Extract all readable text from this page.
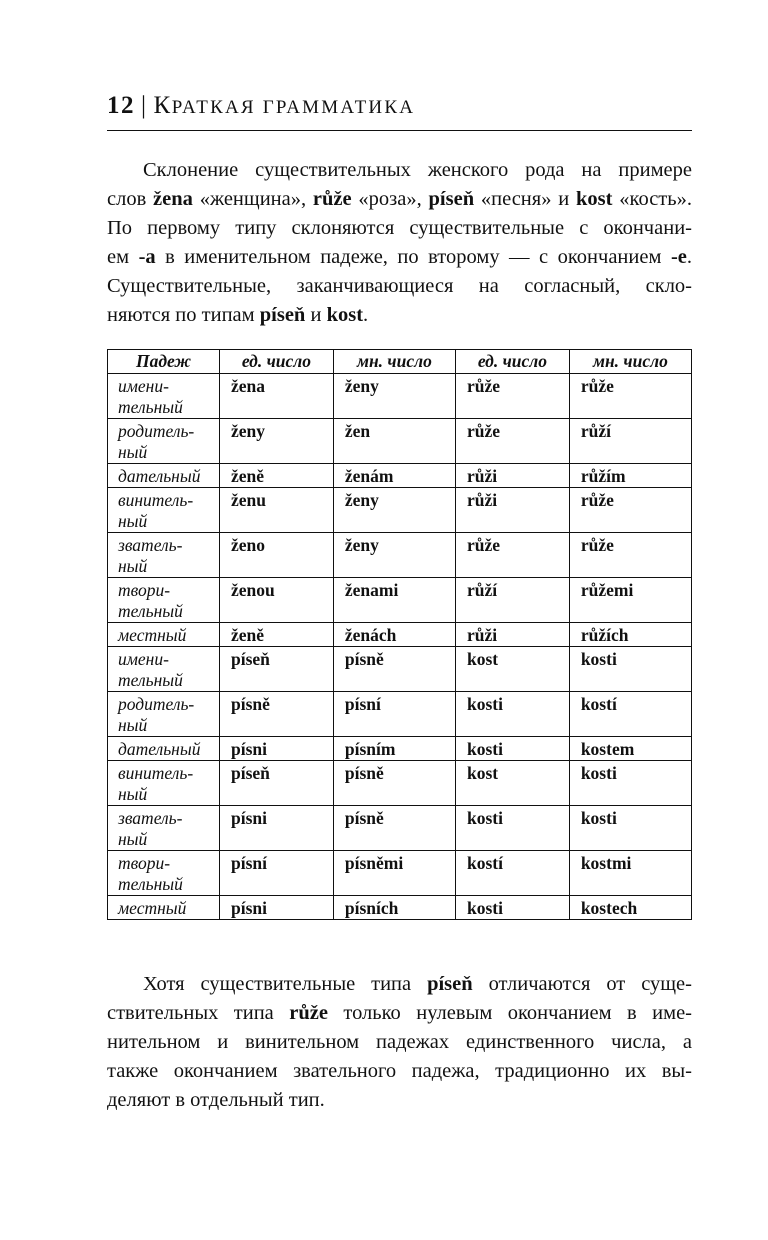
12 | КРАТКАЯ ГРАММАТИКА

Склонение существительных женского рода на примере
слов žena «женщина», růže «роза», píseň «песня» и kost «кость».
По первому типу склоняются существительные с окончани-
ем -a в именительном падеже, по второму — с окончанием -e.
Существительные, заканчивающиеся на согласный, скло-
няются по типам píseň и kost.

Падеж	ед. число	мн. число	ед. число	мн. число
имени-
тельный	žena	ženy	růže	růže
родитель-
ный	ženy	žen	růže	růží
дательный	ženě	ženám	růži	růžím
винитель-
ный	ženu	ženy	růži	růže
зватель-
ный	ženo	ženy	růže	růže
твори-
тельный	ženou	ženami	růží	růžemi
местный	ženě	ženách	růži	růžích
имени-
тельный	píseň	písně	kost	kosti
родитель-
ный	písně	písní	kosti	kostí
дательный	písni	písním	kosti	kostem
винитель-
ный	píseň	písně	kost	kosti
зватель-
ный	písni	písně	kosti	kosti
твори-
тельный	písní	písněmi	kostí	kostmi
местный	písni	písních	kosti	kostech

Хотя существительные типа píseň отличаются от суще-
ствительных типа růže только нулевым окончанием в име-
нительном и винительном падежах единственного числа, а
также окончанием звательного падежа, традиционно их вы-
деляют в отдельный тип.
